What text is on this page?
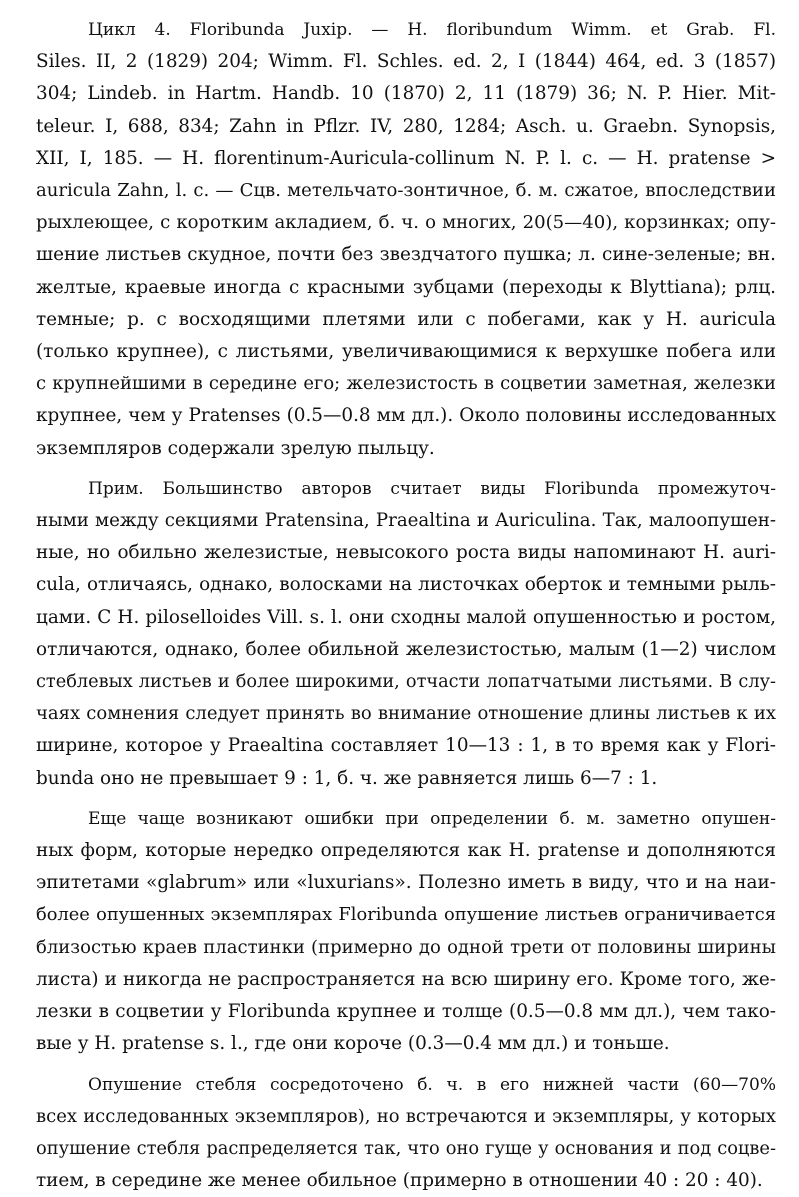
Цикл 4. Floribunda Juxip. — H. floribundum Wimm. et Grab. Fl.
Siles. II, 2 (1829) 204; Wimm. Fl. Schles. ed. 2, I (1844) 464, ed. 3 (1857)
304; Lindeb. in Hartm. Handb. 10 (1870) 2, 11 (1879) 36; N. P. Hier. Mit-
teleur. I, 688, 834; Zahn in Pflzr. IV, 280, 1284; Asch. u. Graebn. Synopsis,
XII, I, 185. — H. florentinum-Auricula-collinum N. P. l. c. — H. pratense >
auricula Zahn, l. c. — Сцв. метельчато-зонтичное, б. м. сжатое, впоследствии
рыхлеющее, с коротким акладием, б. ч. о многих, 20(5—40), корзинках; опу-
шение листьев скудное, почти без звездчатого пушка; л. сине-зеленые; вн.
желтые, краевые иногда с красными зубцами (переходы к Blyttiana); рлц.
темные; р. с восходящими плетями или с побегами, как у H. auricula
(только крупнее), с листьями, увеличивающимися к верхушке побега или
с крупнейшими в середине его; железистость в соцветии заметная, железки
крупнее, чем у Pratenses (0.5—0.8 мм дл.). Около половины исследованных
экземпляров содержали зрелую пыльцу.
Прим. Большинство авторов считает виды Floribunda промежуточ-
ными между секциями Pratensina, Praealtina и Auriculina. Так, малоопушен-
ные, но обильно железистые, невысокого роста виды напоминают H. auri-
cula, отличаясь, однако, волосками на листочках оберток и темными рыль-
цами. С H. piloselloides Vill. s. l. они сходны малой опушенностью и ростом,
отличаются, однако, более обильной железистостью, малым (1—2) числом
стеблевых листьев и более широкими, отчасти лопатчатыми листьями. В слу-
чаях сомнения следует принять во внимание отношение длины листьев к их
ширине, которое у Praealtina составляет 10—13 : 1, в то время как у Flori-
bunda оно не превышает 9 : 1, б. ч. же равняется лишь 6—7 : 1.
Еще чаще возникают ошибки при определении б. м. заметно опушен-
ных форм, которые нередко определяются как H. pratense и дополняются
эпитетами «glabrum» или «luxurians». Полезно иметь в виду, что и на наи-
более опушенных экземплярах Floribunda опушение листьев ограничивается
близостью краев пластинки (примерно до одной трети от половины ширины
листа) и никогда не распространяется на всю ширину его. Кроме того, же-
лезки в соцветии у Floribunda крупнее и толще (0.5—0.8 мм дл.), чем тако-
вые у H. pratense s. l., где они короче (0.3—0.4 мм дл.) и тоньше.
Опушение стебля сосредоточено б. ч. в его нижней части (60—70%
всех исследованных экземпляров), но встречаются и экземпляры, у которых
опушение стебля распределяется так, что оно гуще у основания и под соцве-
тием, в середине же менее обильное (примерно в отношении 40 : 20 : 40).
